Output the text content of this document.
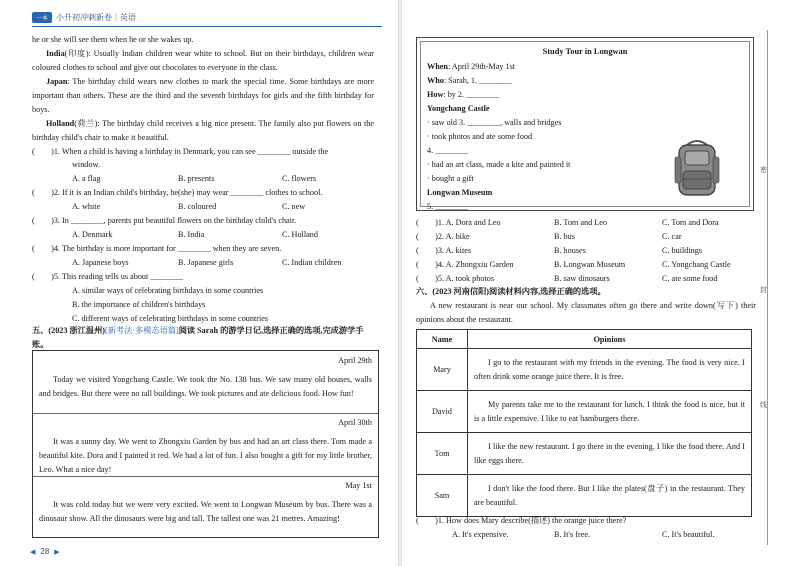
一本	小升初冲刺新卷｜英语
he or she will see them when he or she wakes up.
India(印度): Usually Indian children wear white to school. But on their birthdays, children wear coloured clothes to school and give out chocolates to everyone in the class.
Japan: The birthday child wears new clothes to mark the special time. Some birthdays are more important than others. These are the third and the seventh birthdays for girls and the fifth birthday for boys.
Holland(荷兰): The birthday child receives a big nice present. The family also put flowers on the birthday child's chair to make it beautiful.
(　　)1. When a child is having a birthday in Denmark, you can see ________ outside the
window.
A. a flag	B. presents	C. flowers
(　　)2. If it is an Indian child's birthday, he(she) may wear ________ clothes to school.
A. white	B. coloured	C. new
(　　)3. In ________, parents put beautiful flowers on the birthday child's chair.
A. Denmark	B. India	C. Holland
(　　)4. The birthday is more important for ________ when they are seven.
A. Japanese boys	B. Japanese girls	C. Indian children
(　　)5. This reading tells us about ________
A. similar ways of celebrating birthdays in some countries
B. the importance of children's birthdays
C. different ways of celebrating birthdays in some countries
五、(2023 浙江温州)[新考法·多模态语篇]阅读 Sarah 的游学日记,选择正确的选项,完成游学手账。
April 29th
Today we visited Yongchang Castle. We took the No. 138 bus. We saw many old houses, walls and bridges. But there were no tall buildings. We took pictures and ate delicious food. How fun!
April 30th
It was a sunny day. We went to Zhongxiu Garden by bus and had an art class there. Tom made a beautiful kite. Dora and I painted it red. We had a lot of fun. I also bought a gift for my little brother, Leo. What a nice day!
May 1st
It was cold today but we were very excited. We went to Longwan Museum by bus. There was a dinosaur show. All the dinosaurs were big and tall. The tallest one was 21 metres. Amazing!
◀ 28 ▶
Study Tour in Longwan
When: April 29th-May 1st
Who: Sarah, 1. ________
How: by 2. ________
Yongchang Castle
· saw old 3. ________, walls and bridges
· took photos and ate some food
4. ________
· had an art class, made a kite and painted it
· bought a gift
Longwan Museum
5. ________
(　　)1. A. Dora and Leo	B. Tom and Leo	C. Tom and Dora
(　　)2. A. bike	B. bus	C. car
(　　)3. A. kites	B. houses	C. buildings
(　　)4. A. Zhongxiu Garden	B. Longwan Museum	C. Yongchang Castle
(　　)5. A. took photos	B. saw dinosaurs	C. ate some food
六、(2023 河南信阳)阅读材料内容,选择正确的选项。
A new restaurant is near our school. My classmates often go there and write down(写下) their opinions about the restaurant.
Name	Opinions
Mary	I go to the restaurant with my friends in the evening. The food is very nice. I often drink some orange juice there. It is free.
David	My parents take me to the restaurant for lunch. I think the food is nice, but it is a little expensive. I like to eat hamburgers there.
Tom	I like the new restaurant. I go there in the evening. I like the food there. And I like eggs there.
Sam	I don't like the food there. But I like the plates(盘子) in the restaurant. They are beautiful.
(　　)1. How does Mary describe(描述) the orange juice there?
A. It's expensive.	B. It's free.	C. It's beautiful.
密
封
线
